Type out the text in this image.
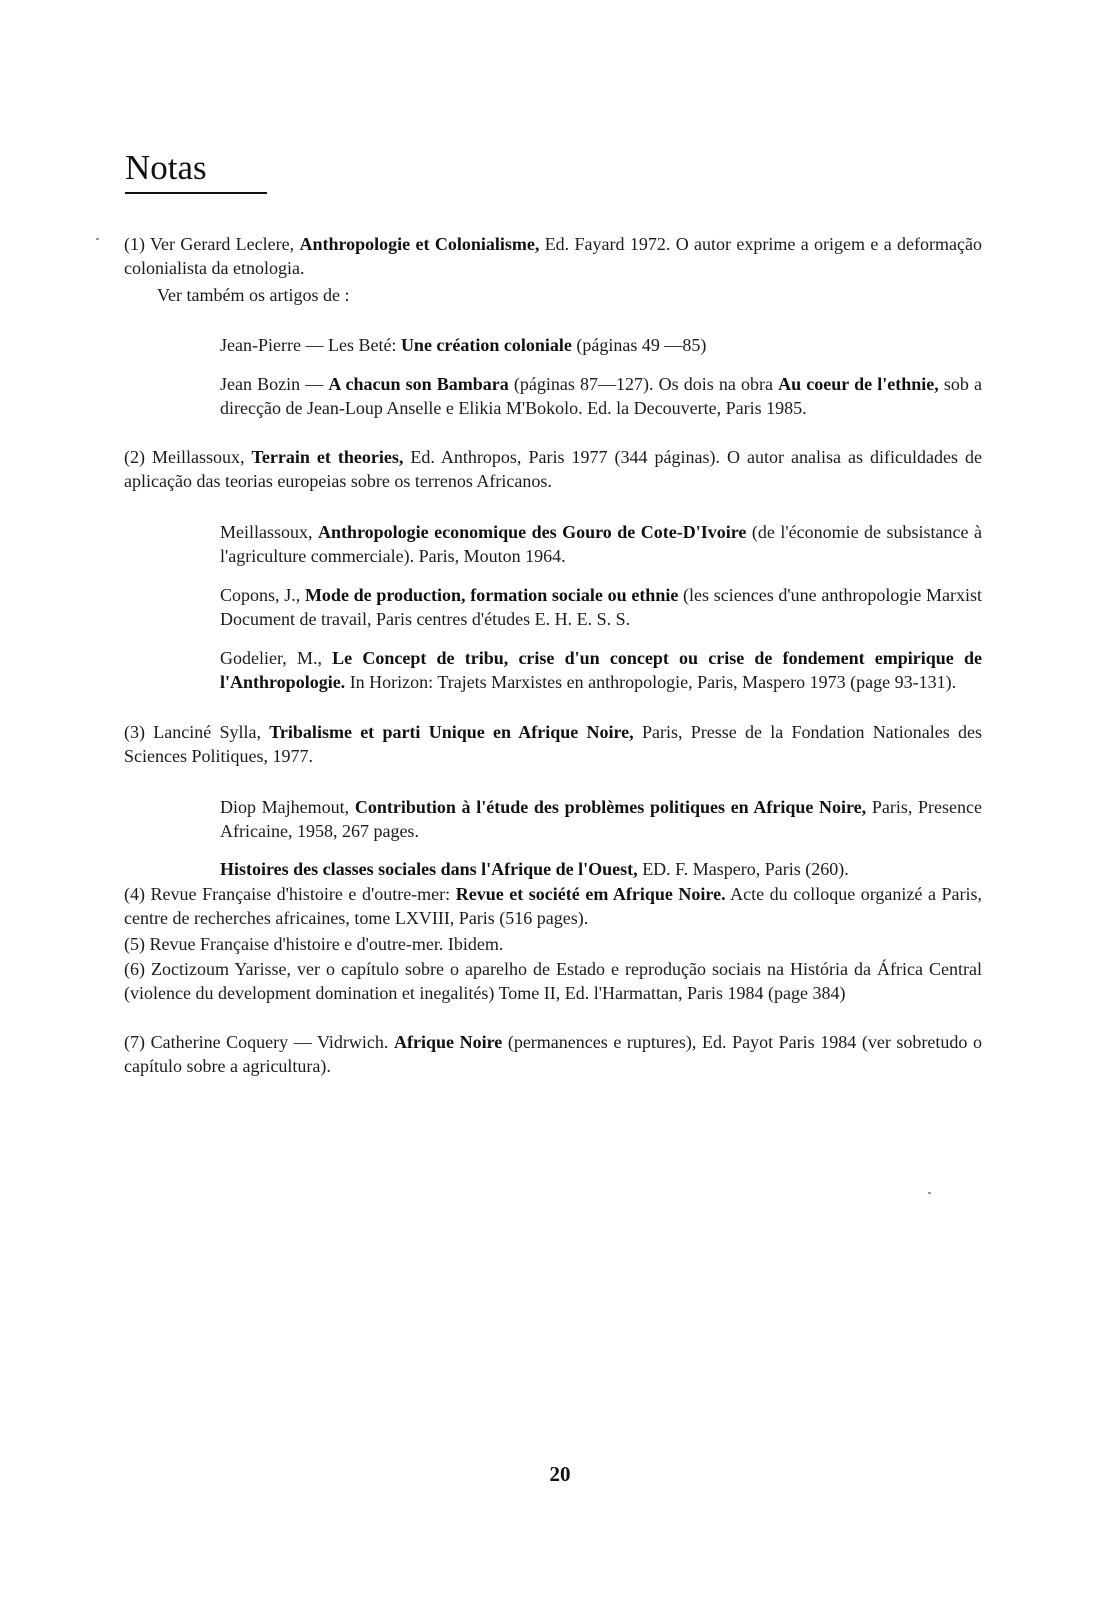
Notas

(1) Ver Gerard Leclere, Anthropologie et Colonialisme, Ed. Fayard 1972. O autor exprime a origem e a deformação colonialista da etnologia.

Ver também os artigos de :

Jean-Pierre — Les Beté: Une création coloniale (páginas 49 —85)

Jean Bozin — A chacun son Bambara (páginas 87—127). Os dois na obra Au coeur de l'ethnie, sob a direcção de Jean-Loup Anselle e Elikia M'Bokolo. Ed. la Decouverte, Paris 1985.

(2) Meillassoux, Terrain et theories, Ed. Anthropos, Paris 1977 (344 páginas). O autor analisa as dificuldades de aplicação das teorias europeias sobre os terrenos Africanos.

Meillassoux, Anthropologie economique des Gouro de Cote-D'Ivoire (de l'économie de subsistance à l'agriculture commerciale). Paris, Mouton 1964.

Copons, J., Mode de production, formation sociale ou ethnie (les sciences d'une anthropologie Marxist Document de travail, Paris centres d'études E. H. E. S. S.

Godelier, M., Le Concept de tribu, crise d'un concept ou crise de fondement empirique de l'Anthropologie. In Horizon: Trajets Marxistes en anthropologie, Paris, Maspero 1973 (page 93-131).

(3) Lanciné Sylla, Tribalisme et parti Unique en Afrique Noire, Paris, Presse de la Fondation Nationales des Sciences Politiques, 1977.

Diop Majhemout, Contribution à l'étude des problèmes politiques en Afrique Noire, Paris, Presence Africaine, 1958, 267 pages.

Histoires des classes sociales dans l'Afrique de l'Ouest, ED. F. Maspero, Paris (260).

(4) Revue Française d'histoire e d'outre-mer: Revue et société em Afrique Noire. Acte du colloque organizé a Paris, centre de recherches africaines, tome LXVIII, Paris (516 pages).

(5) Revue Française d'histoire e d'outre-mer. Ibidem.

(6) Zoctizoum Yarisse, ver o capítulo sobre o aparelho de Estado e reprodução sociais na História da África Central (violence du development domination et inegalités) Tome II, Ed. l'Harmattan, Paris 1984 (page 384)

(7) Catherine Coquery — Vidrwich. Afrique Noire (permanences e ruptures), Ed. Payot Paris 1984 (ver sobretudo o capítulo sobre a agricultura).

20
